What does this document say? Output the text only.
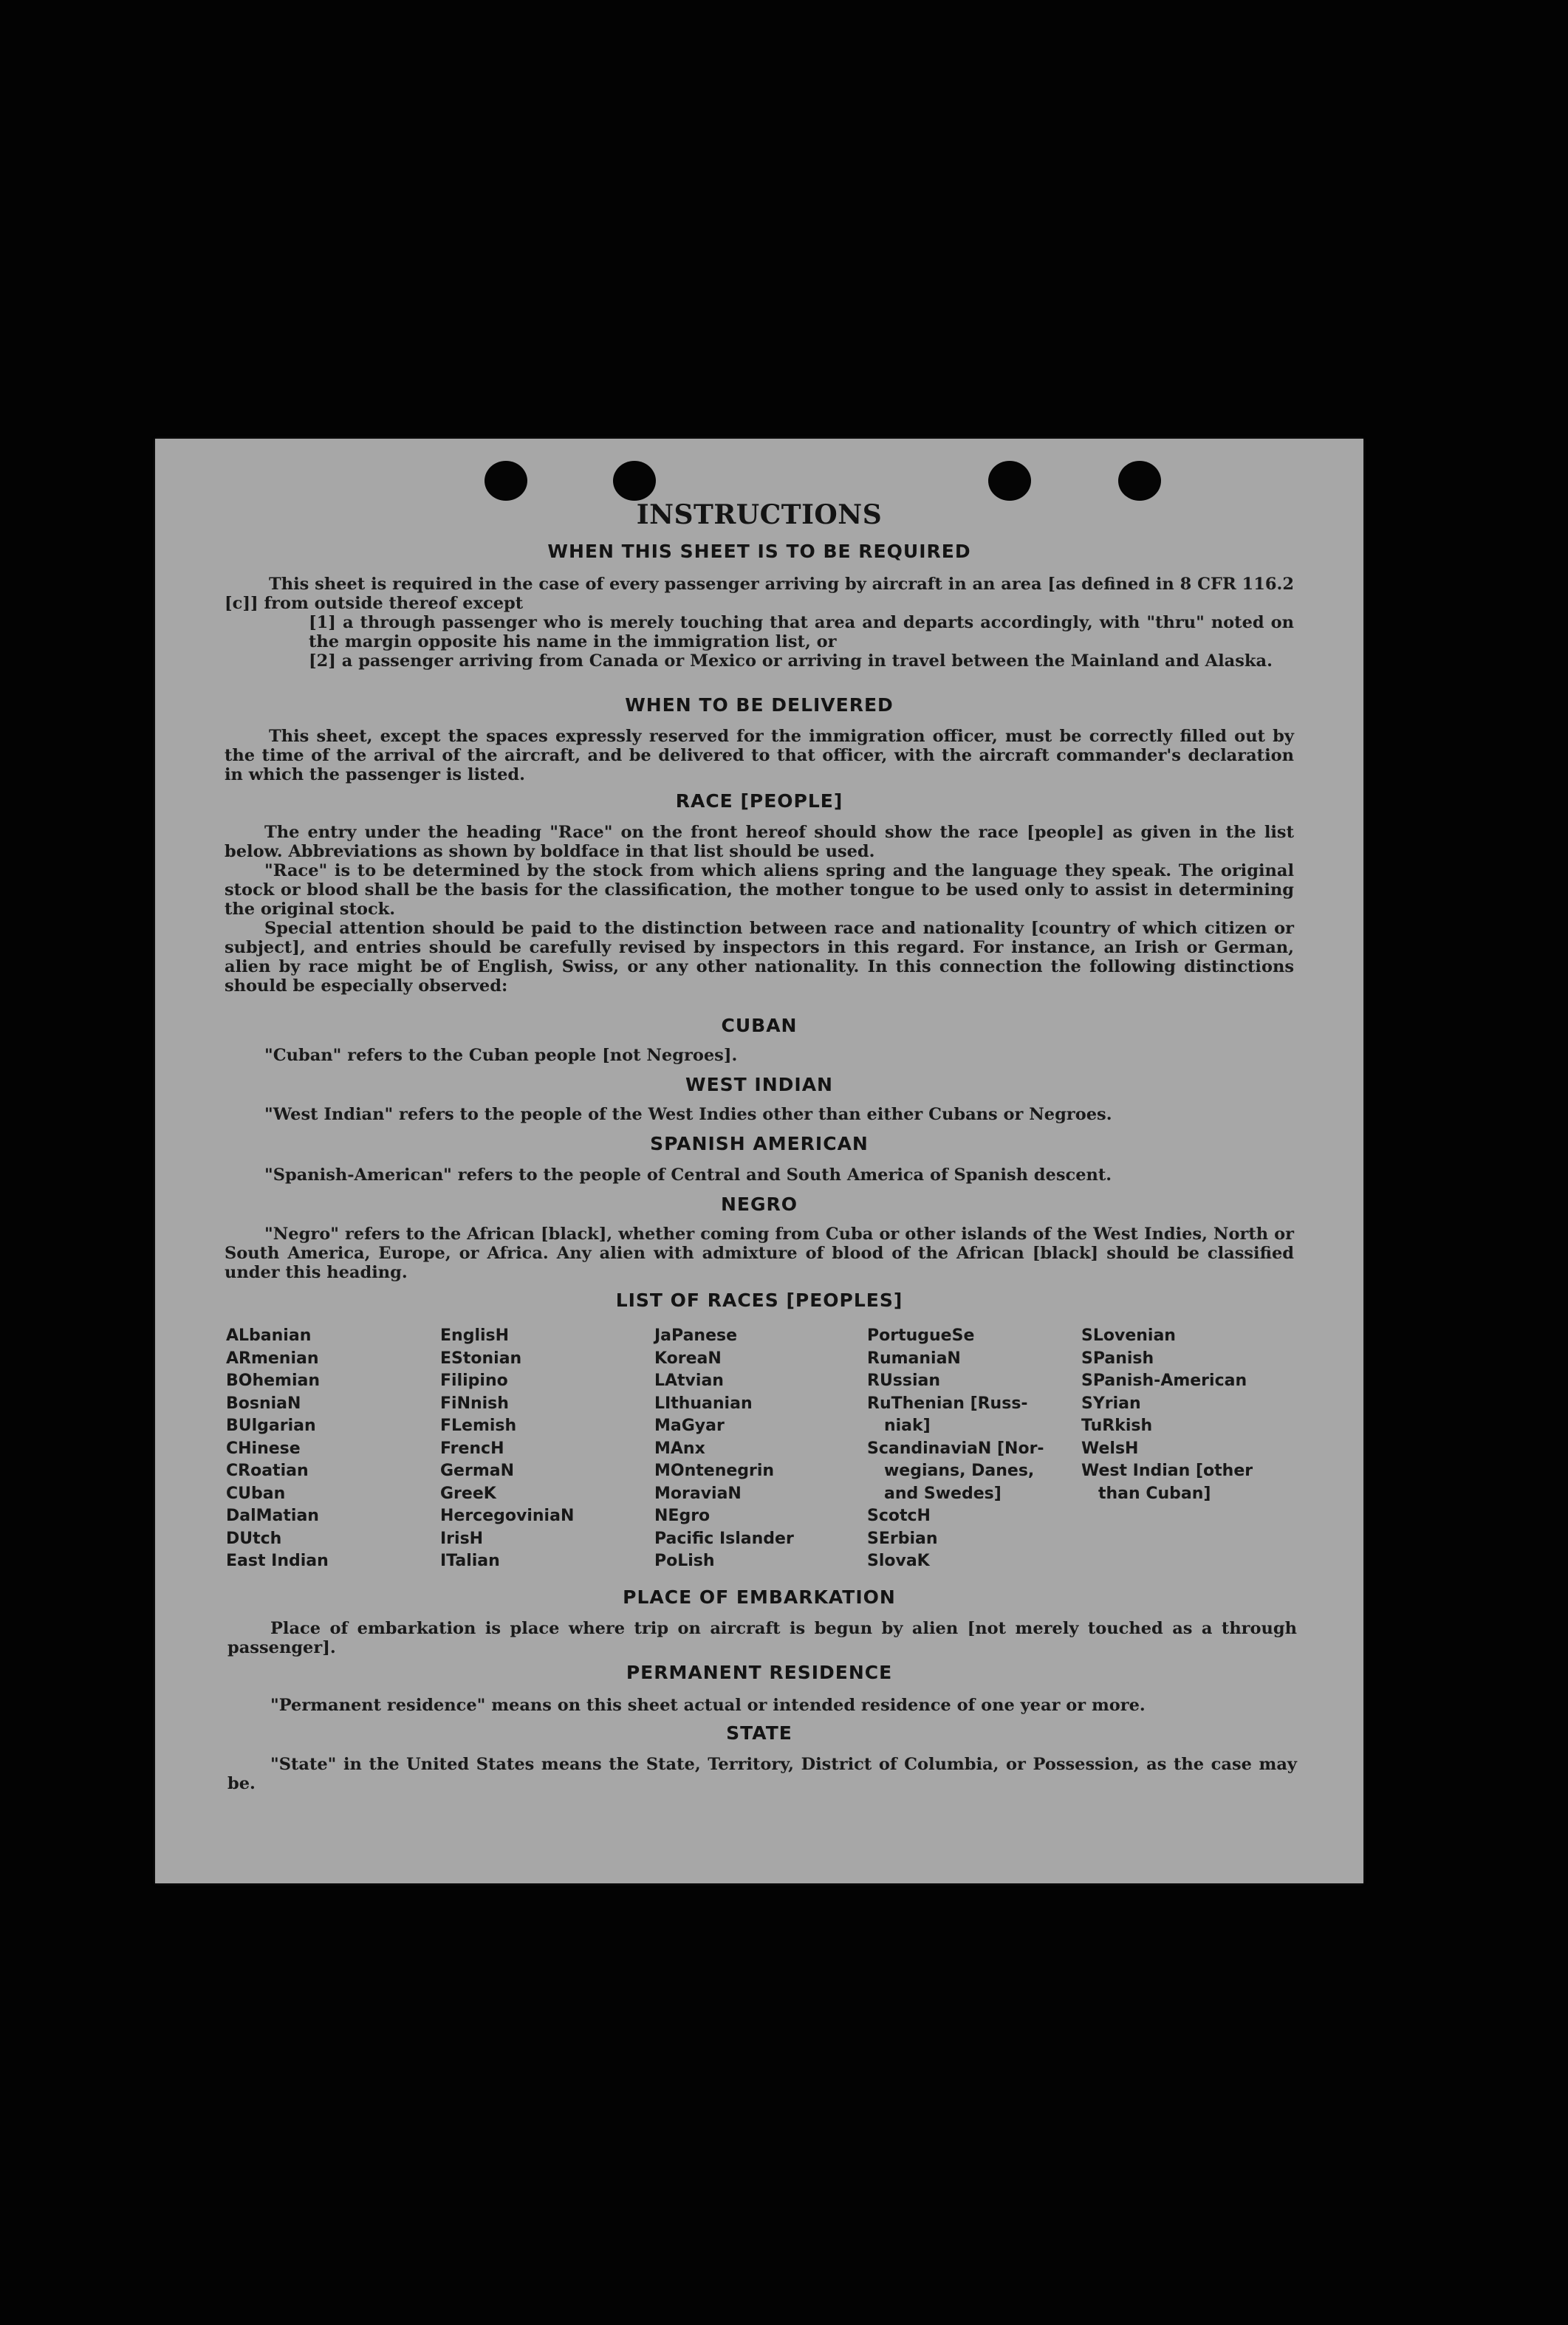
INSTRUCTIONS
WHEN THIS SHEET IS TO BE REQUIRED
This sheet is required in the case of every passenger arriving by aircraft in an area [as defined in 8 CFR 116.2 [c]] from outside thereof except
[1] a through passenger who is merely touching that area and departs accordingly, with "thru" noted on the margin opposite his name in the immigration list, or
[2] a passenger arriving from Canada or Mexico or arriving in travel between the Mainland and Alaska.
WHEN TO BE DELIVERED
This sheet, except the spaces expressly reserved for the immigration officer, must be correctly filled out by the time of the arrival of the aircraft, and be delivered to that officer, with the aircraft commander's declaration in which the passenger is listed.
RACE [PEOPLE]
The entry under the heading "Race" on the front hereof should show the race [people] as given in the list below. Abbreviations as shown by boldface in that list should be used.
"Race" is to be determined by the stock from which aliens spring and the language they speak. The original stock or blood shall be the basis for the classification, the mother tongue to be used only to assist in determining the original stock.
Special attention should be paid to the distinction between race and nationality [country of which citizen or subject], and entries should be carefully revised by inspectors in this regard. For instance, an Irish or German, alien by race might be of English, Swiss, or any other nationality. In this connection the following distinctions should be especially observed:
CUBAN
"Cuban" refers to the Cuban people [not Negroes].
WEST INDIAN
"West Indian" refers to the people of the West Indies other than either Cubans or Negroes.
SPANISH AMERICAN
"Spanish-American" refers to the people of Central and South America of Spanish descent.
NEGRO
"Negro" refers to the African [black], whether coming from Cuba or other islands of the West Indies, North or South America, Europe, or Africa. Any alien with admixture of blood of the African [black] should be classified under this heading.
LIST OF RACES [PEOPLES]
ALbanian
ARmenian
BOhemian
BosniaN
BUlgarian
CHinese
CRoatian
CUban
DalMatian
DUtch
East Indian
EnglisH
EStonian
Filipino
FiNnish
FLemish
FrencH
GermaN
GreeK
HercegoviniaN
IrisH
ITalian
JaPanese
KoreaN
LAtvian
LIthuanian
MaGyar
MAnx
MOntenegrin
MoraviaN
NEgro
Pacific Islander
PoLish
PortugueSe
RumaniaN
RUssian
RuThenian [Russ-
niak]
ScandinaviaN [Nor-
wegians, Danes,
and Swedes]
ScotcH
SErbian
SlovaK
SLovenian
SPanish
SPanish-American
SYrian
TuRkish
WelsH
West Indian [other
than Cuban]
PLACE OF EMBARKATION
Place of embarkation is place where trip on aircraft is begun by alien [not merely touched as a through passenger].
PERMANENT RESIDENCE
"Permanent residence" means on this sheet actual or intended residence of one year or more.
STATE
"State" in the United States means the State, Territory, District of Columbia, or Possession, as the case may be.
